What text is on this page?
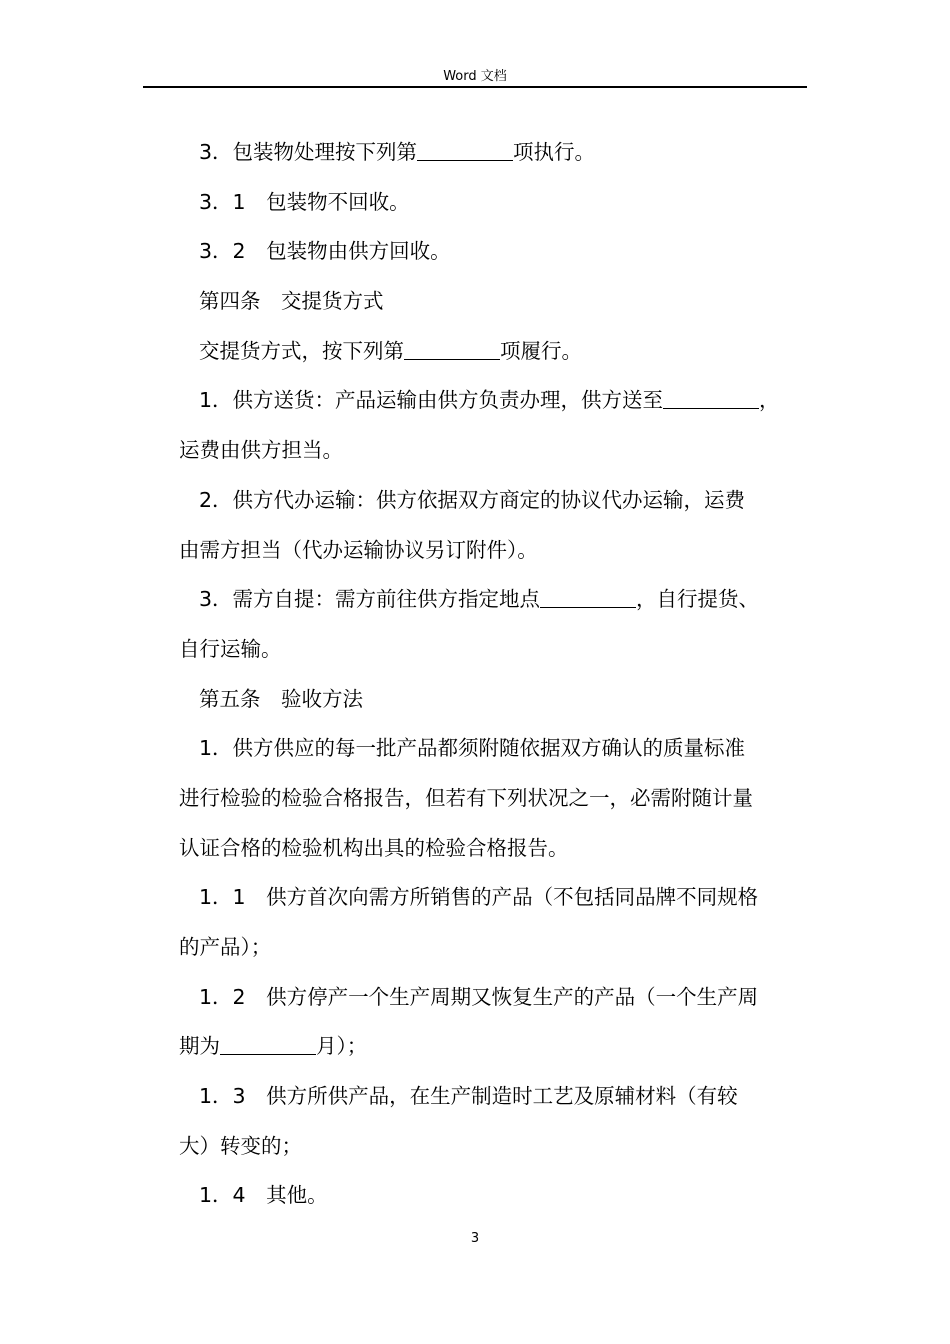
Word 文档
3．包装物处理按下列第	项执行。
3．1　包装物不回收。
3．2　包装物由供方回收。
第四条　交提货方式
交提货方式，按下列第	项履行。
1．供方送货：产品运输由供方负责办理，供方送至	，
运费由供方担当。
2．供方代办运输：供方依据双方商定的协议代办运输，运费
由需方担当（代办运输协议另订附件）。
3．需方自提：需方前往供方指定地点	，自行提货、
自行运输。
第五条　验收方法
1．供方供应的每一批产品都须附随依据双方确认的质量标准
进行检验的检验合格报告，但若有下列状况之一，必需附随计量
认证合格的检验机构出具的检验合格报告。
1．1　供方首次向需方所销售的产品（不包括同品牌不同规格
的产品）；
1．2　供方停产一个生产周期又恢复生产的产品（一个生产周
期为	月）；
1．3　供方所供产品，在生产制造时工艺及原辅材料（有较
大）转变的；
1．4　其他。
3
